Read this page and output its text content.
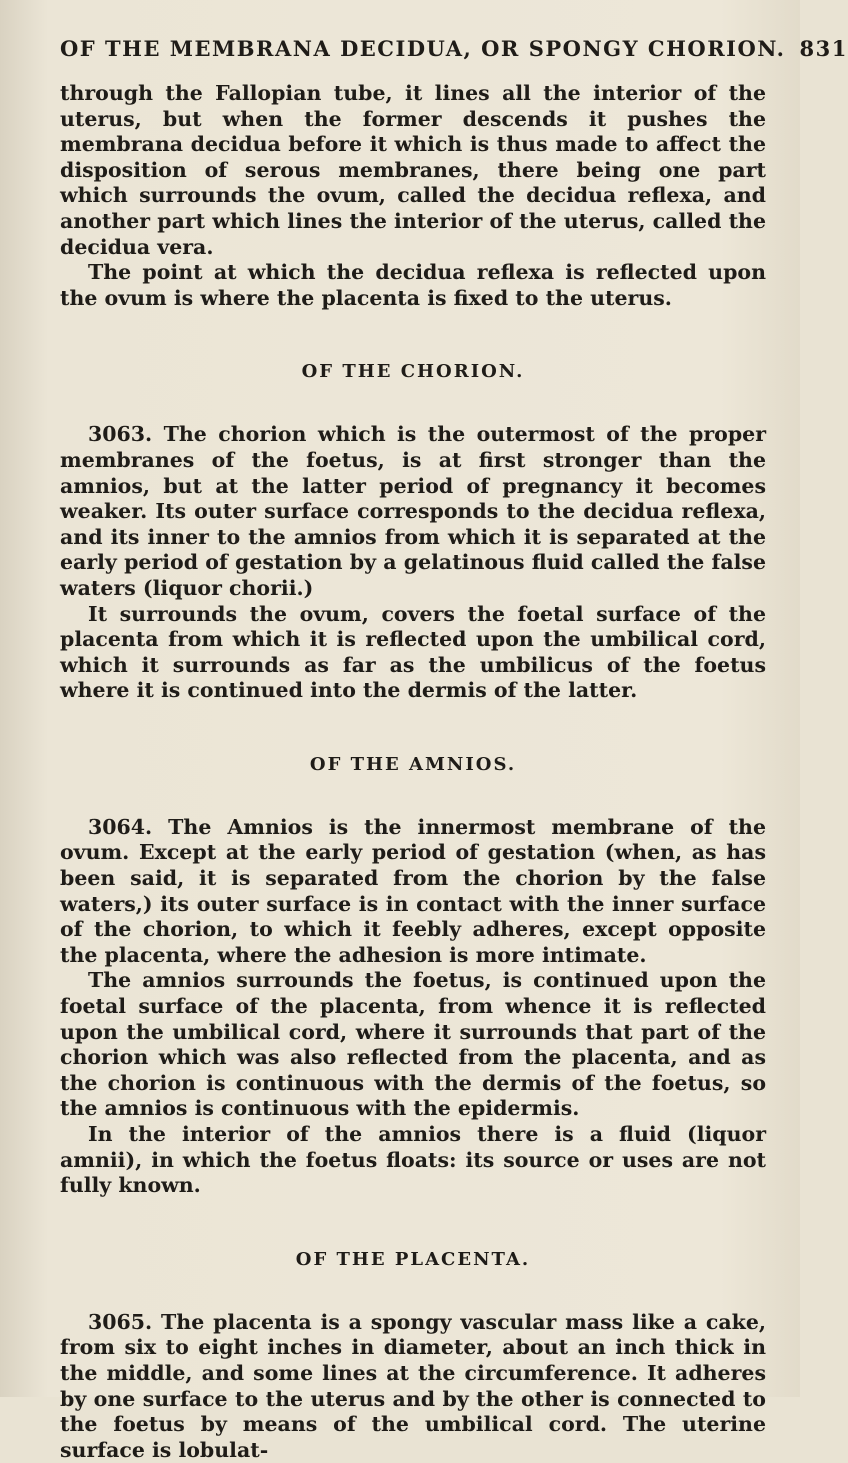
OF THE MEMBRANA DECIDUA, OR SPONGY CHORION. 831

through the Fallopian tube, it lines all the interior of the uterus, but when the former descends it pushes the membrana decidua before it which is thus made to affect the disposition of serous membranes, there being one part which surrounds the ovum, called the decidua reflexa, and another part which lines the interior of the uterus, called the decidua vera.

The point at which the decidua reflexa is reflected upon the ovum is where the placenta is fixed to the uterus.

OF THE CHORION.

3063. The chorion which is the outermost of the proper membranes of the foetus, is at first stronger than the amnios, but at the latter period of pregnancy it becomes weaker. Its outer surface corresponds to the decidua reflexa, and its inner to the amnios from which it is separated at the early period of gestation by a gelatinous fluid called the false waters (liquor chorii.)

It surrounds the ovum, covers the foetal surface of the placenta from which it is reflected upon the umbilical cord, which it surrounds as far as the umbilicus of the foetus where it is continued into the dermis of the latter.

OF THE AMNIOS.

3064. The Amnios is the innermost membrane of the ovum. Except at the early period of gestation (when, as has been said, it is separated from the chorion by the false waters,) its outer surface is in contact with the inner surface of the chorion, to which it feebly adheres, except opposite the placenta, where the adhesion is more intimate.

The amnios surrounds the foetus, is continued upon the foetal surface of the placenta, from whence it is reflected upon the umbilical cord, where it surrounds that part of the chorion which was also reflected from the placenta, and as the chorion is continuous with the dermis of the foetus, so the amnios is continuous with the epidermis.

In the interior of the amnios there is a fluid (liquor amnii), in which the foetus floats: its source or uses are not fully known.

OF THE PLACENTA.

3065. The placenta is a spongy vascular mass like a cake, from six to eight inches in diameter, about an inch thick in the middle, and some lines at the circumference. It adheres by one surface to the uterus and by the other is connected to the foetus by means of the umbilical cord. The uterine surface is lobulat-
